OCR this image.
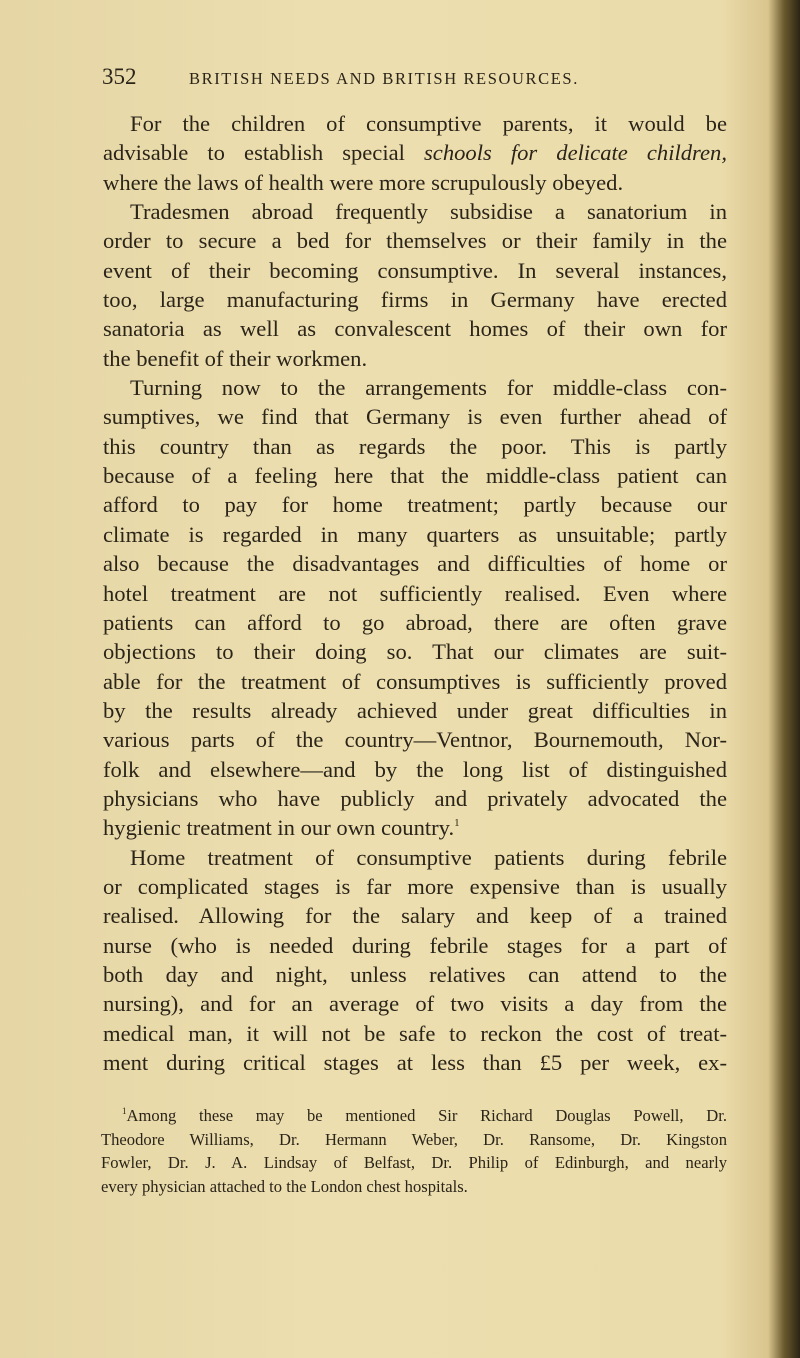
352	BRITISH NEEDS AND BRITISH RESOURCES.
For the children of consumptive parents, it would be
advisable to establish special schools for delicate children,
where the laws of health were more scrupulously obeyed.
Tradesmen abroad frequently subsidise a sanatorium in
order to secure a bed for themselves or their family in the
event of their becoming consumptive. In several instances,
too, large manufacturing firms in Germany have erected
sanatoria as well as convalescent homes of their own for
the benefit of their workmen.
Turning now to the arrangements for middle-class con-
sumptives, we find that Germany is even further ahead of
this country than as regards the poor. This is partly
because of a feeling here that the middle-class patient can
afford to pay for home treatment; partly because our
climate is regarded in many quarters as unsuitable; partly
also because the disadvantages and difficulties of home or
hotel treatment are not sufficiently realised. Even where
patients can afford to go abroad, there are often grave
objections to their doing so. That our climates are suit-
able for the treatment of consumptives is sufficiently proved
by the results already achieved under great difficulties in
various parts of the country—Ventnor, Bournemouth, Nor-
folk and elsewhere—and by the long list of distinguished
physicians who have publicly and privately advocated the
hygienic treatment in our own country.$^1$
Home treatment of consumptive patients during febrile
or complicated stages is far more expensive than is usually
realised. Allowing for the salary and keep of a trained
nurse (who is needed during febrile stages for a part of
both day and night, unless relatives can attend to the
nursing), and for an average of two visits a day from the
medical man, it will not be safe to reckon the cost of treat-
ment during critical stages at less than £5 per week, ex-
$^1$Among these may be mentioned Sir Richard Douglas Powell, Dr.
Theodore Williams, Dr. Hermann Weber, Dr. Ransome, Dr. Kingston
Fowler, Dr. J. A. Lindsay of Belfast, Dr. Philip of Edinburgh, and nearly
every physician attached to the London chest hospitals.
